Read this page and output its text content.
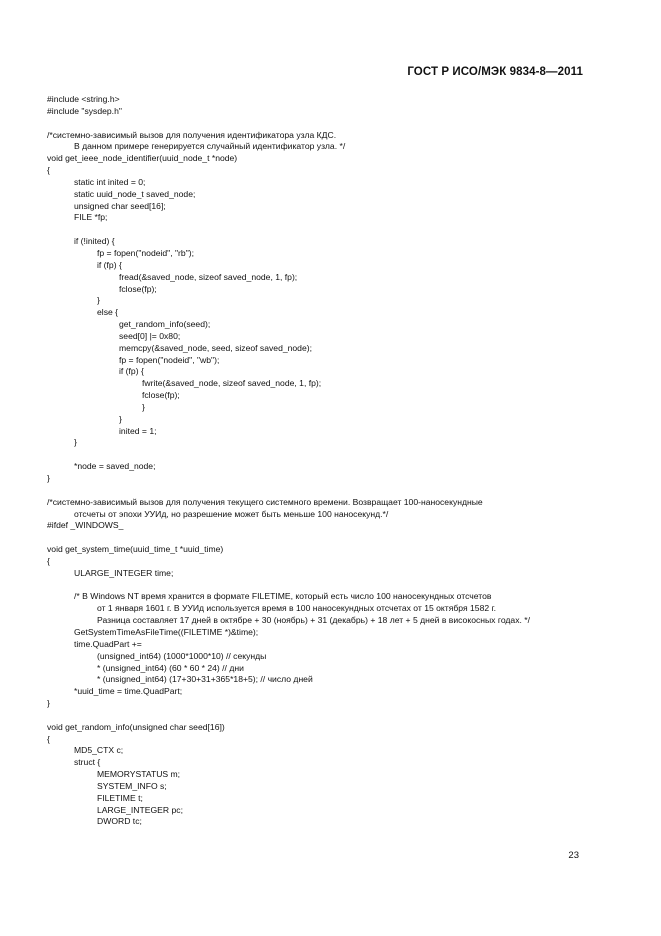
ГОСТ Р ИСО/МЭК 9834-8—2011
#include <string.h>
#include "sysdep.h"
/*системно-зависимый вызов для получения идентификатора узла КДС.
В данном примере генерируется случайный идентификатор узла. */
void get_ieee_node_identifier(uuid_node_t *node)
{
static int inited = 0;
static uuid_node_t saved_node;
unsigned char seed[16];
FILE *fp;
if (!inited) {
fp = fopen("nodeid", "rb");
if (fp) {
fread(&saved_node, sizeof saved_node, 1, fp);
fclose(fp);
}
else {
get_random_info(seed);
seed[0] |= 0x80;
memcpy(&saved_node, seed, sizeof saved_node);
fp = fopen("nodeid", "wb");
if (fp) {
fwrite(&saved_node, sizeof saved_node, 1, fp);
fclose(fp);
}
}
inited = 1;
}
*node = saved_node;
}
/*системно-зависимый вызов для получения текущего системного времени. Возвращает 100-наносекундные
отсчеты от эпохи УУИд, но разрешение может быть меньше 100 наносекунд.*/
#ifdef _WINDOWS_
void get_system_time(uuid_time_t *uuid_time)
{
ULARGE_INTEGER time;
/* В Windows NT время хранится в формате FILETIME, который есть число 100 наносекундных отсчетов
от 1 января 1601 г. В УУИд используется время в 100 наносекундных отсчетах от 15 октября 1582 г.
Разница составляет 17 дней в октябре + 30 (ноябрь) + 31 (декабрь) + 18 лет + 5 дней в високосных годах. */
GetSystemTimeAsFileTime((FILETIME *)&time);
time.QuadPart +=
(unsigned_int64) (1000*1000*10) // секунды
* (unsigned_int64) (60 * 60 * 24) // дни
* (unsigned_int64) (17+30+31+365*18+5); // число дней
*uuid_time = time.QuadPart;
}
void get_random_info(unsigned char seed[16])
{
MD5_CTX c;
struct {
MEMORYSTATUS m;
SYSTEM_INFO s;
FILETIME t;
LARGE_INTEGER pc;
DWORD tc;
23
